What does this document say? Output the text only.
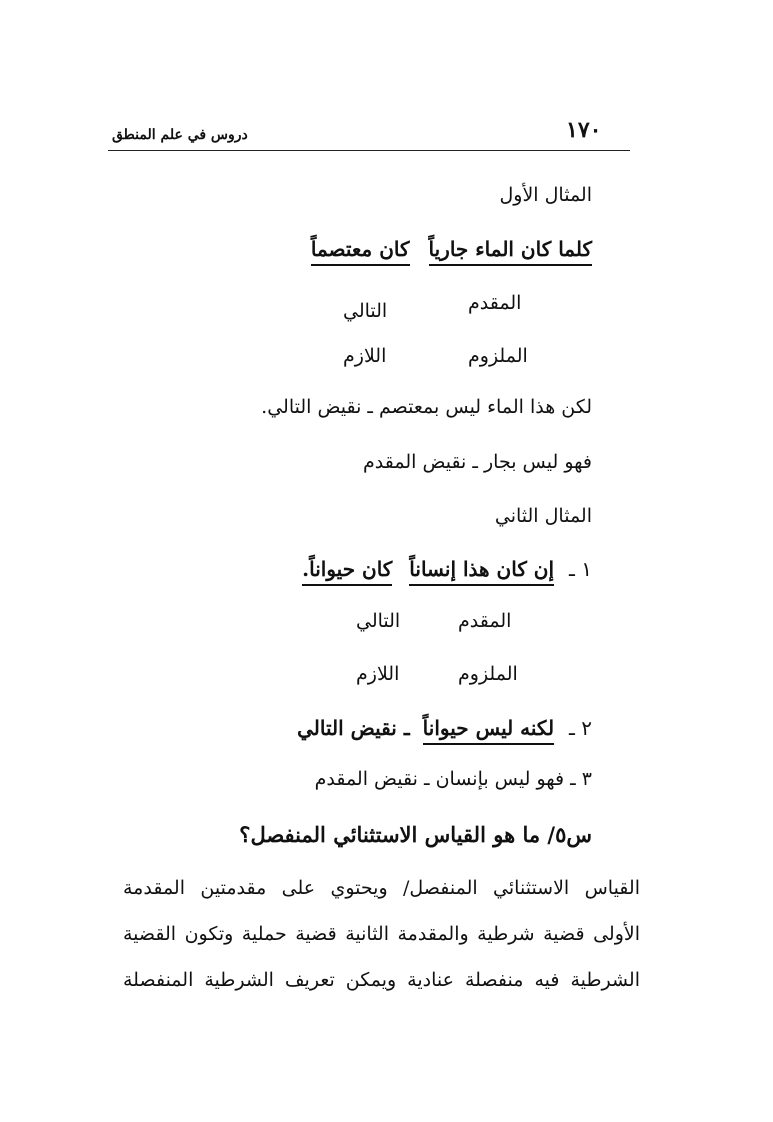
١٧٠
دروس في علم المنطق
المثال الأول
كلما كان الماء جارياً كان معتصماً
المقدم
التالي
الملزوم
اللازم
لكن هذا الماء ليس بمعتصم ـ نقيض التالي.
فهو ليس بجار ـ نقيض المقدم
المثال الثاني
١ ـ إن كان هذا إنساناً كان حيواناً.
المقدم
التالي
الملزوم
اللازم
٢ ـ لكنه ليس حيواناً ـ نقيض التالي
٣ ـ فهو ليس بإنسان ـ نقيض المقدم
س٥/ ما هو القياس الاستثنائي المنفصل؟
القياس الاستثنائي المنفصل/ ويحتوي على مقدمتين المقدمة
الأولى قضية شرطية والمقدمة الثانية قضية حملية وتكون القضية
الشرطية فيه منفصلة عنادية ويمكن تعريف الشرطية المنفصلة
